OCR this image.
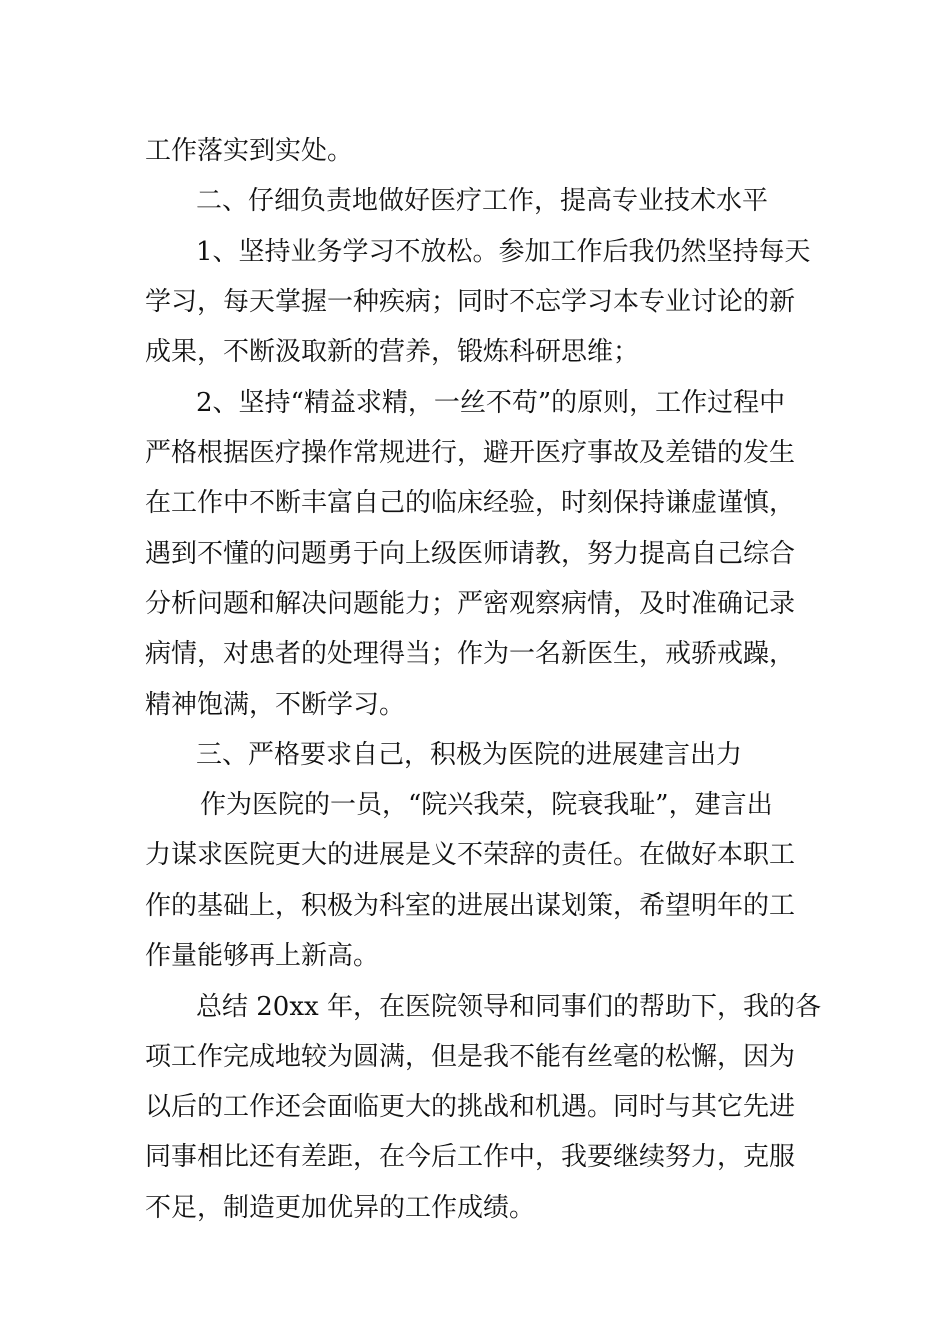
工作落实到实处。
二、仔细负责地做好医疗工作，提高专业技术水平
1、坚持业务学习不放松。参加工作后我仍然坚持每天
学习，每天掌握一种疾病；同时不忘学习本专业讨论的新
成果，不断汲取新的营养，锻炼科研思维；
2、坚持“精益求精，一丝不苟”的原则，工作过程中
严格根据医疗操作常规进行，避开医疗事故及差错的发生
在工作中不断丰富自己的临床经验，时刻保持谦虚谨慎，
遇到不懂的问题勇于向上级医师请教，努力提高自己综合
分析问题和解决问题能力；严密观察病情，及时准确记录
病情，对患者的处理得当；作为一名新医生，戒骄戒躁，
精神饱满，不断学习。
三、严格要求自己，积极为医院的进展建言出力
作为医院的一员，“院兴我荣，院衰我耻”，建言出
力谋求医院更大的进展是义不荣辞的责任。在做好本职工
作的基础上，积极为科室的进展出谋划策，希望明年的工
作量能够再上新高。
总结 20xx 年，在医院领导和同事们的帮助下，我的各
项工作完成地较为圆满，但是我不能有丝毫的松懈，因为
以后的工作还会面临更大的挑战和机遇。同时与其它先进
同事相比还有差距，在今后工作中，我要继续努力，克服
不足，制造更加优异的工作成绩。
